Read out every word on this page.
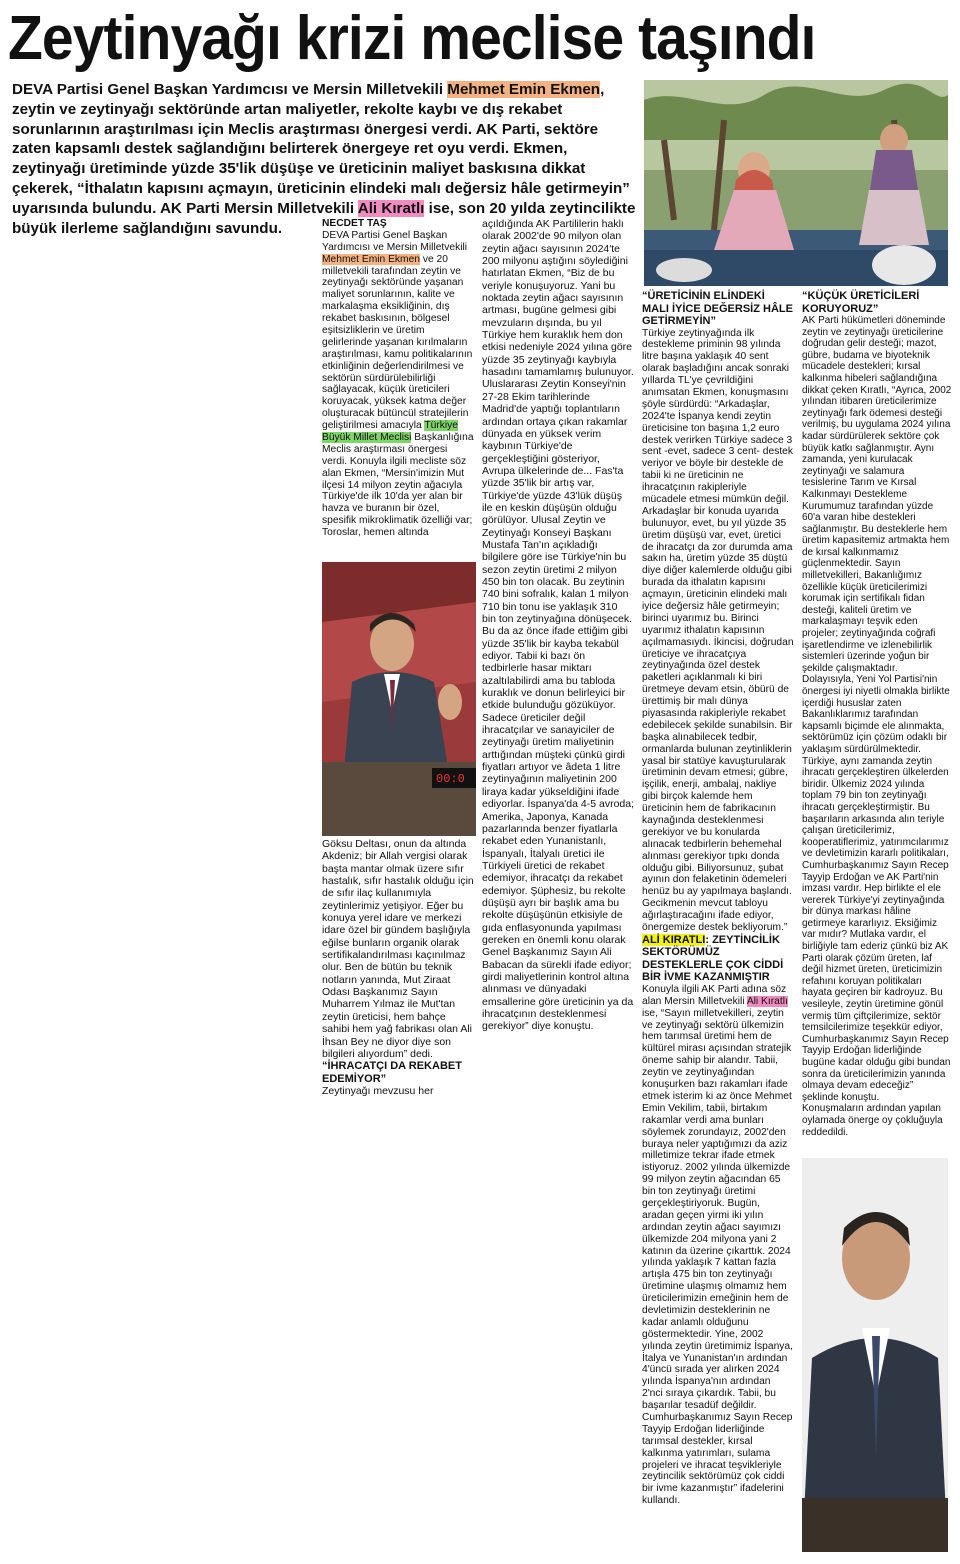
Zeytinyağı krizi meclise taşındı
DEVA Partisi Genel Başkan Yardımcısı ve Mersin Milletvekili Mehmet Emin Ekmen, zeytin ve zeytinyağı sektöründe artan maliyetler, rekolte kaybı ve dış rekabet sorunlarının araştırılması için Meclis araştırması önergesi verdi. AK Parti, sektöre zaten kapsamlı destek sağlandığını belirterek önergeye ret oyu verdi. Ekmen, zeytinyağı üretiminde yüzde 35'lik düşüşe ve üreticinin maliyet baskısına dikkat çekerek, “İthalatın kapısını açmayın, üreticinin elindeki malı değersiz hâle getirmeyin” uyarısında bulundu. AK Parti Mersin Milletvekili Ali Kıratlı ise, son 20 yılda zeytincilikte büyük ilerleme sağlandığını savundu.	NECDET TAŞ

DEVA Partisi Genel Başkan Yardımcısı ve Mersin Milletvekili Mehmet Emin Ekmen ve 20 milletvekili tarafından zeytin ve zeytinyağı sektöründe yaşanan maliyet sorunlarının, kalite ve markalaşma eksikliğinin, dış rekabet baskısının, bölgesel eşitsizliklerin ve üretim gelirlerinde yaşanan kırılmaların araştırılması, kamu politikalarının etkinliğinin değerlendirilmesi ve sektörün sürdürülebilirliği sağlayacak, küçük üreticileri koruyacak, yüksek katma değer oluşturacak bütüncül stratejilerin geliştirilmesi amacıyla Türkiye Büyük Millet Meclisi Başkanlığına Meclis araştırması önergesi verdi. Konuyla ilgili mecliste söz alan Ekmen, “Mersin'imizin Mut ilçesi 14 milyon zeytin ağacıyla Türkiye'de ilk 10'da yer alan bir havza ve buranın bir özel, spesifik mikroklimatik özelliği var; Toroslar, hemen altında

00:0

Göksu Deltası, onun da altında Akdeniz; bir Allah vergisi olarak başta mantar olmak üzere sıfır hastalık, sıfır hastalık olduğu için de sıfır ilaç kullanımıyla zeytinlerimiz yetişiyor. Eğer bu konuya yerel idare ve merkezi idare özel bir gündem başlığıyla eğilse bunların organik olarak sertifikalandırılması kaçınılmaz olur. Ben de bütün bu teknik notların yanında, Mut Ziraat Odası Başkanımız Sayın Muharrem Yılmaz ile Mut'tan zeytin üreticisi, hem bahçe sahibi hem yağ fabrikası olan Ali İhsan Bey ne diyor diye son bilgileri alıyordum” dedi.

“İHRACATÇI DA REKABET EDEMİYOR”

Zeytinyağı mevzusu her

açıldığında AK Partililerin haklı olarak 2002'de 90 milyon olan zeytin ağacı sayısının 2024'te 200 milyonu aştığını söylediğini hatırlatan Ekmen, “Biz de bu veriyle konuşuyoruz. Yani bu noktada zeytin ağacı sayısının artması, bugüne gelmesi gibi mevzuların dışında, bu yıl Türkiye hem kuraklık hem don etkisi nedeniyle 2024 yılına göre yüzde 35 zeytinyağı kaybıyla hasadını tamamlamış bulunuyor. Uluslararası Zeytin Konseyi'nin 27-28 Ekim tarihlerinde Madrid'de yaptığı toplantıların ardından ortaya çıkan rakamlar dünyada en yüksek verim kaybının Türkiye'de gerçekleştiğini gösteriyor, Avrupa ülkelerinde de... Fas'ta yüzde 35'lik bir artış var, Türkiye'de yüzde 43'lük düşüş ile en keskin düşüşün olduğu görülüyor. Ulusal Zeytin ve Zeytinyağı Konseyi Başkanı Mustafa Tan'ın açıkladığı bilgilere göre ise Türkiye'nin bu sezon zeytin üretimi 2 milyon 450 bin ton olacak. Bu zeytinin 740 bini sofralık, kalan 1 milyon 710 bin tonu ise yaklaşık 310 bin ton zeytinyağına dönüşecek. Bu da az önce ifade ettiğim gibi yüzde 35'lik bir kayba tekabül ediyor. Tabii ki bazı ön tedbirlerle hasar miktarı azaltılabilirdi ama bu tabloda kuraklık ve donun belirleyici bir etkide bulunduğu gözüküyor. Sadece üreticiler değil ihracatçılar ve sanayiciler de zeytinyağı üretim maliyetinin arttığından müşteki çünkü girdi fiyatları artıyor ve âdeta 1 litre zeytinyağının maliyetinin 200 liraya kadar yükseldiğini ifade ediyorlar. İspanya'da 4-5 avroda; Amerika, Japonya, Kanada pazarlarında benzer fiyatlarla rekabet eden Yunanistanlı, İspanyalı, İtalyalı üretici ile Türkiyeli üretici de rekabet edemiyor, ihracatçı da rekabet edemiyor. Şüphesiz, bu rekolte düşüşü ayrı bir başlık ama bu rekolte düşüşünün etkisiyle de gıda enflasyonunda yapılması gereken en önemli konu olarak Genel Başkanımız Sayın Ali Babacan da sürekli ifade ediyor; girdi maliyetlerinin kontrol altına alınması ve dünyadaki emsallerine göre üreticinin ya da ihracatçının desteklenmesi gerekiyor” diye konuştu.

“ÜRETİCİNİN ELİNDEKİ MALI İYİCE DEĞERSİZ HÂLE GETİRMEYİN”

Türkiye zeytinyağında ilk destekleme priminin 98 yılında litre başına yaklaşık 40 sent olarak başladığını ancak sonraki yıllarda TL'ye çevrildiğini anımsatan Ekmen, konuşmasını şöyle sürdürdü: “Arkadaşlar, 2024'te İspanya kendi zeytin üreticisine ton başına 1,2 euro destek verirken Türkiye sadece 3 sent -evet, sadece 3 cent- destek veriyor ve böyle bir destekle de tabii ki ne üreticinin ne ihracatçının rakipleriyle mücadele etmesi mümkün değil. Arkadaşlar bir konuda uyarıda bulunuyor, evet, bu yıl yüzde 35 üretim düşüşü var, evet, üretici de ihracatçı da zor durumda ama sakın ha, üretim yüzde 35 düştü diye diğer kalemlerde olduğu gibi burada da ithalatın kapısını açmayın, üreticinin elindeki malı iyice değersiz hâle getirmeyin; birinci uyarımız bu. Birinci uyarımız ithalatın kapısının açılmamasıydı. İkincisi, doğrudan üreticiye ve ihracatçıya zeytinyağında özel destek paketleri açıklanmalı ki biri üretmeye devam etsin, öbürü de ürettimiş bir malı dünya piyasasında rakipleriyle rekabet edebilecek şekilde sunabilsin. Bir başka alınabilecek tedbir, ormanlarda bulunan zeytinliklerin yasal bir statüye kavuşturularak üretiminin devam etmesi; gübre, işçilik, enerji, ambalaj, nakliye gibi birçok kalemde hem üreticinin hem de fabrikacının kaynağında desteklenmesi gerekiyor ve bu konularda alınacak tedbirlerin behemehal alınması gerekiyor tıpkı donda olduğu gibi. Biliyorsunuz, şubat ayının don felaketinin ödemeleri henüz bu ay yapılmaya başlandı. Gecikmenin mevcut tabloyu ağırlaştıracağını ifade ediyor, önergemize destek bekliyorum.”

ALİ KIRATLI: ZEYTİNCİLİK SEKTÖRÜMÜZ DESTEKLERLE ÇOK CİDDİ BİR İVME KAZANMIŞTIR

Konuyla ilgili AK Parti adına söz alan Mersin Milletvekili Ali Kıratlı ise, “Sayın milletvekilleri, zeytin ve zeytinyağı sektörü ülkemizin hem tarımsal üretimi hem de kültürel mirası açısından stratejik öneme sahip bir alandır. Tabii, zeytin ve zeytinyağından konuşurken bazı rakamları ifade etmek isterim ki az önce Mehmet Emin Vekilim, tabii, birtakım rakamlar verdi ama bunları söylemek zorundayız, 2002'den buraya neler yaptığımızı da aziz milletimize tekrar ifade etmek istiyoruz. 2002 yılında ülkemizde 99 milyon zeytin ağacından 65 bin ton zeytinyağı üretimi gerçekleştiriyoruk. Bugün, aradan geçen yirmi iki yılın ardından zeytin ağacı sayımızı ülkemizde 204 milyona yani 2 katının da üzerine çıkarttık. 2024 yılında yaklaşık 7 kattan fazla artışla 475 bin ton zeytinyağı üretimine ulaşmış olmamız hem üreticilerimizin emeğinin hem de devletimizin desteklerinin ne kadar anlamlı olduğunu göstermektedir. Yine, 2002 yılında zeytin üretimimiz İspanya, İtalya ve Yunanistan'ın ardından 4'üncü sırada yer alırken 2024 yılında İspanya'nın ardından 2'nci sıraya çıkardık. Tabii, bu başarılar tesadüf değildir. Cumhurbaşkanımız Sayın Recep Tayyip Erdoğan liderliğinde tarımsal destekler, kırsal kalkınma yatırımları, sulama projeleri ve ihracat teşvikleriyle zeytincilik sektörümüz çok ciddi bir ivme kazanmıştır” ifadelerini kullandı.

“KÜÇÜK ÜRETİCİLERİ KORUYORUZ”

AK Parti hükümetleri döneminde zeytin ve zeytinyağı üreticilerine doğrudan gelir desteği; mazot, gübre, budama ve biyoteknik mücadele destekleri; kırsal kalkınma hibeleri sağlandığına dikkat çeken Kıratlı, “Ayrıca, 2002 yılından itibaren üreticilerimize zeytinyağı fark ödemesi desteği verilmiş, bu uygulama 2024 yılına kadar sürdürülerek sektöre çok büyük katkı sağlanmıştır. Aynı zamanda, yeni kurulacak zeytinyağı ve salamura tesislerine Tarım ve Kırsal Kalkınmayı Destekleme Kurumumuz tarafından yüzde 60'a varan hibe destekleri sağlanmıştır. Bu desteklerle hem üretim kapasitemiz artmakta hem de kırsal kalkınmamız güçlenmektedir. Sayın milletvekilleri, Bakanlığımız özellikle küçük üreticilerimizi korumak için sertifikalı fidan desteği, kaliteli üretim ve markalaşmayı teşvik eden projeler; zeytinyağında coğrafi işaretlendirme ve izlenebilirlik sistemleri üzerinde yoğun bir şekilde çalışmaktadır. Dolayısıyla, Yeni Yol Partisi'nin önergesi iyi niyetli olmakla birlikte içerdiği hususlar zaten Bakanlıklarımız tarafından kapsamlı biçimde ele alınmakta, sektörümüz için çözüm odaklı bir yaklaşım sürdürülmektedir. Türkiye, aynı zamanda zeytin ihracatı gerçekleştiren ülkelerden biridir. Ülkemiz 2024 yılında toplam 79 bin ton zeytinyağı ihracatı gerçekleştirmiştir. Bu başarıların arkasında alın teriyle çalışan üreticilerimiz, kooperatiflerimiz, yatırımcılarımız ve devletimizin kararlı politikaları, Cumhurbaşkanımız Sayın Recep Tayyip Erdoğan ve AK Parti'nin imzası vardır. Hep birlikte el ele vererek Türkiye'yi zeytinyağında bir dünya markası hâline getirmeye kararlıyız. Eksiğimiz var mıdır? Mutlaka vardır, el birliğiyle tam ederiz çünkü biz AK Parti olarak çözüm üreten, laf değil hizmet üreten, üreticimizin refahını koruyan politikaları hayata geçiren bir kadroyuz. Bu vesileyle, zeytin üretimine gönül vermiş tüm çiftçilerimize, sektör temsilcilerimize teşekkür ediyor, Cumhurbaşkanımız Sayın Recep Tayyip Erdoğan liderliğinde bugüne kadar olduğu gibi bundan sonra da üreticilerimizin yanında olmaya devam edeceğiz” şeklinde konuştu.

Konuşmaların ardından yapılan oylamada önerge oy çokluğuyla reddedildi.
